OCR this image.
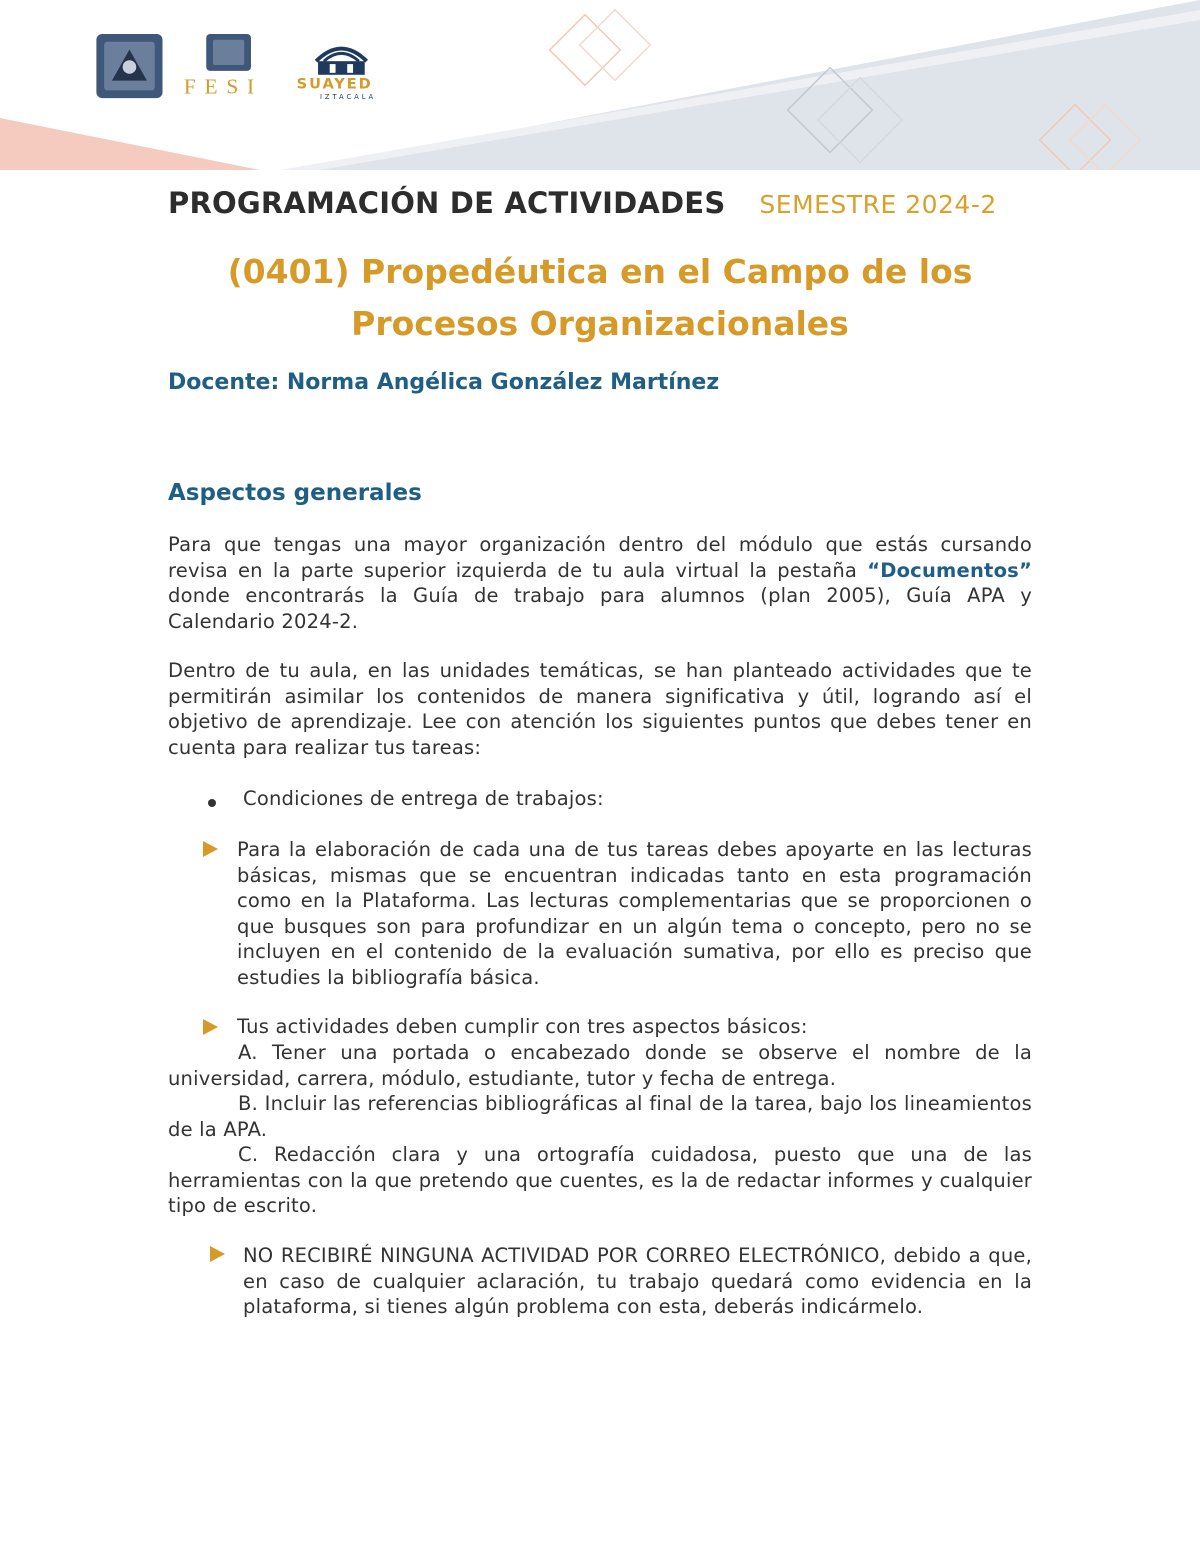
FESI SUAYED
IZTACALA
PROGRAMACIÓN DE ACTIVIDADES SEMESTRE 2024-2
(0401) Propedéutica en el Campo de los
Procesos Organizacionales
Docente: Norma Angélica González Martínez
Aspectos generales
Para que tengas una mayor organización dentro del módulo que estás cursando revisa en la parte superior izquierda de tu aula virtual la pestaña “Documentos” donde encontrarás la Guía de trabajo para alumnos (plan 2005), Guía APA y Calendario 2024-2.
Dentro de tu aula, en las unidades temáticas, se han planteado actividades que te permitirán asimilar los contenidos de manera significativa y útil, logrando así el objetivo de aprendizaje. Lee con atención los siguientes puntos que debes tener en cuenta para realizar tus tareas:
Condiciones de entrega de trabajos:
Para la elaboración de cada una de tus tareas debes apoyarte en las lecturas básicas, mismas que se encuentran indicadas tanto en esta programación como en la Plataforma. Las lecturas complementarias que se proporcionen o que busques son para profundizar en un algún tema o concepto, pero no se incluyen en el contenido de la evaluación sumativa, por ello es preciso que estudies la bibliografía básica.
Tus actividades deben cumplir con tres aspectos básicos:
A. Tener una portada o encabezado donde se observe el nombre de la universidad, carrera, módulo, estudiante, tutor y fecha de entrega.
B. Incluir las referencias bibliográficas al final de la tarea, bajo los lineamientos de la APA.
C. Redacción clara y una ortografía cuidadosa, puesto que una de las herramientas con la que pretendo que cuentes, es la de redactar informes y cualquier tipo de escrito.
NO RECIBIRÉ NINGUNA ACTIVIDAD POR CORREO ELECTRÓNICO, debido a que, en caso de cualquier aclaración, tu trabajo quedará como evidencia en la plataforma, si tienes algún problema con esta, deberás indicármelo.
